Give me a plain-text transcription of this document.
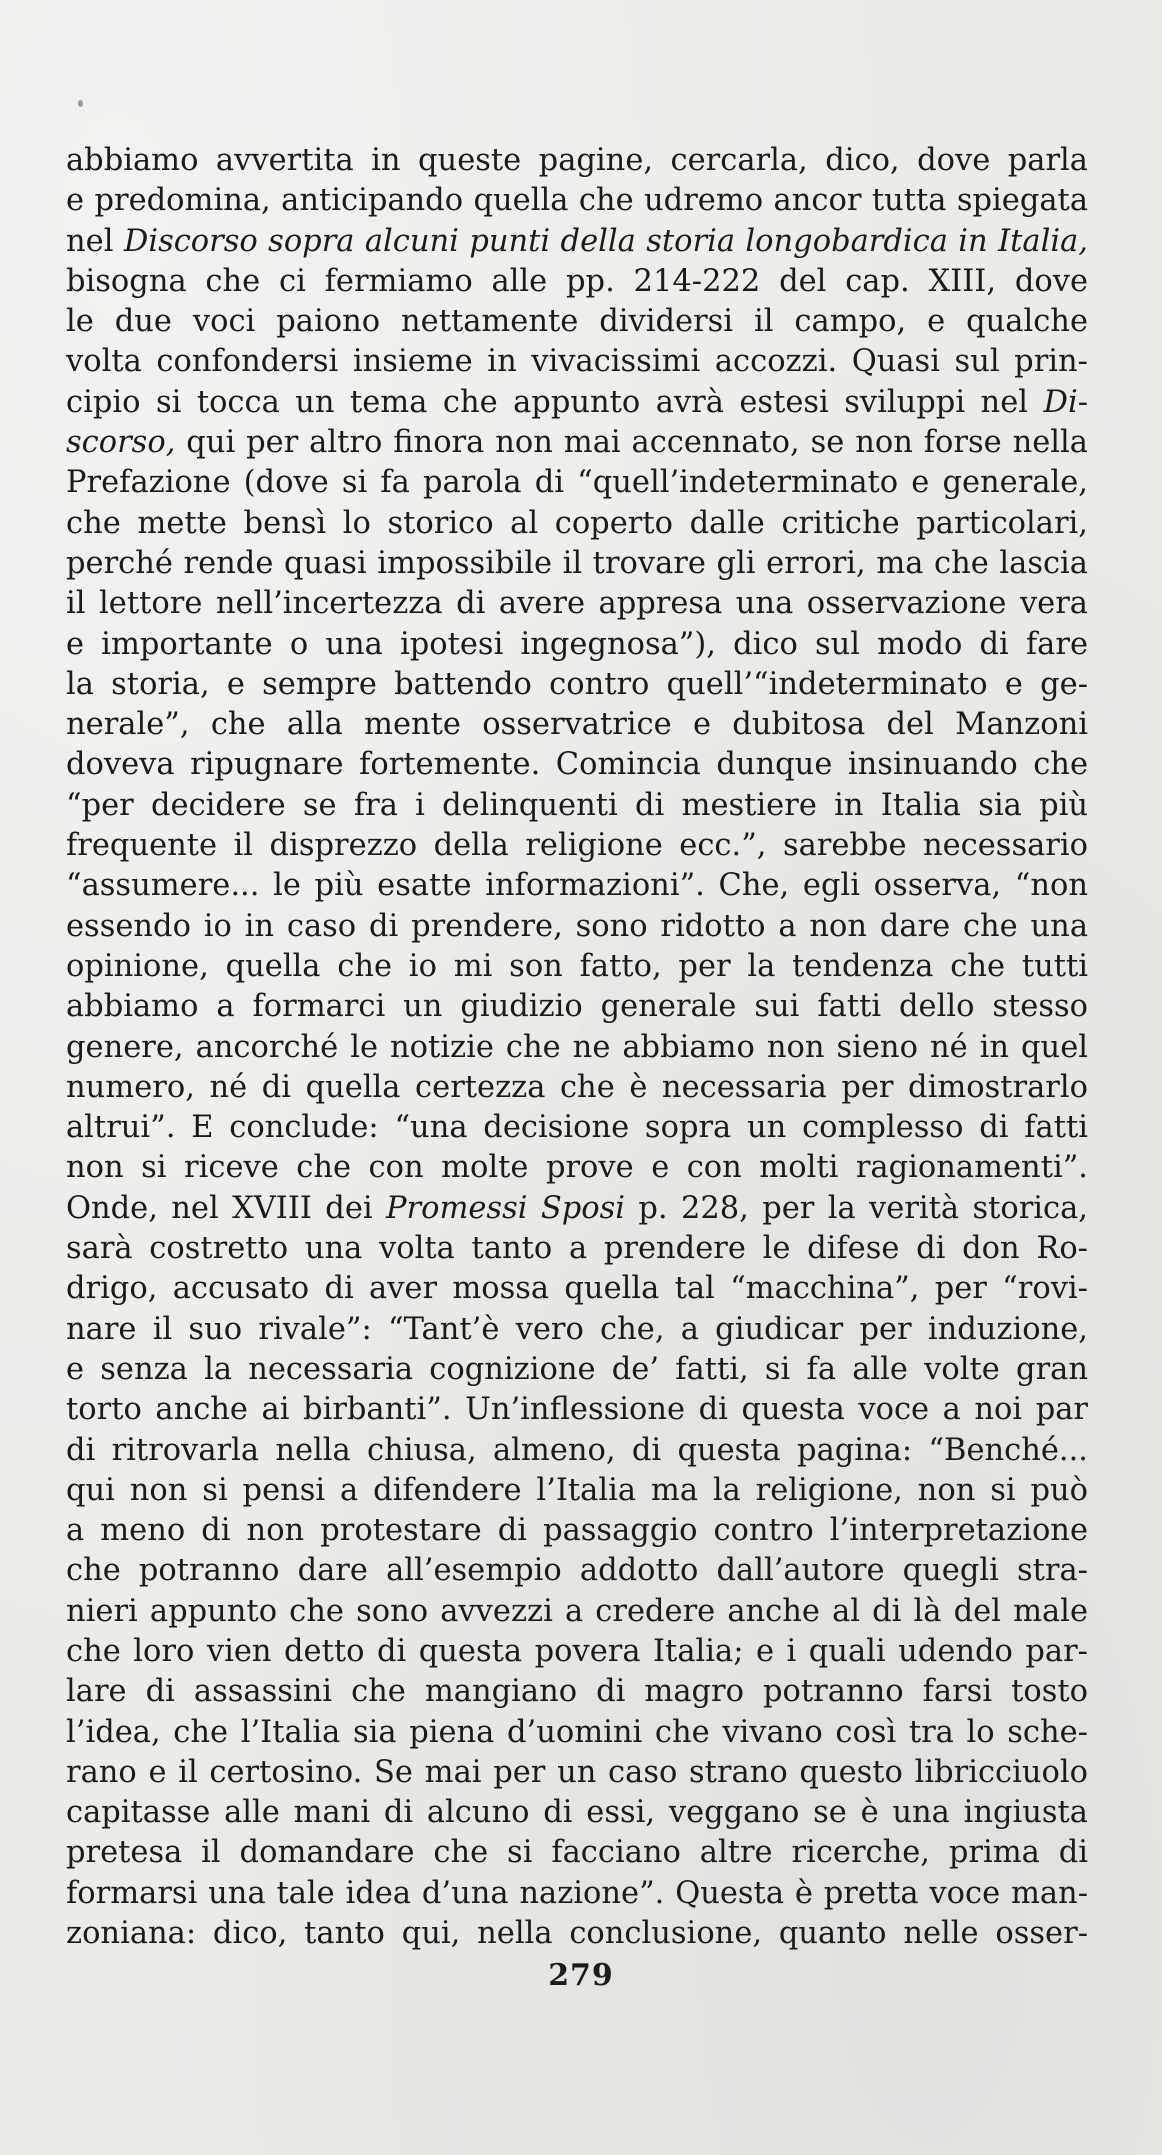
abbiamo avvertita in queste pagine, cercarla, dico, dove parla
e predomina, anticipando quella che udremo ancor tutta spiegata
nel Discorso sopra alcuni punti della storia longobardica in Italia,
bisogna che ci fermiamo alle pp. 214-222 del cap. XIII, dove
le due voci paiono nettamente dividersi il campo, e qualche
volta confondersi insieme in vivacissimi accozzi. Quasi sul prin-
cipio si tocca un tema che appunto avrà estesi sviluppi nel Di-
scorso, qui per altro finora non mai accennato, se non forse nella
Prefazione (dove si fa parola di “quell’indeterminato e generale,
che mette bensì lo storico al coperto dalle critiche particolari,
perché rende quasi impossibile il trovare gli errori, ma che lascia
il lettore nell’incertezza di avere appresa una osservazione vera
e importante o una ipotesi ingegnosa”), dico sul modo di fare
la storia, e sempre battendo contro quell’“indeterminato e ge-
nerale”, che alla mente osservatrice e dubitosa del Manzoni
doveva ripugnare fortemente. Comincia dunque insinuando che
“per decidere se fra i delinquenti di mestiere in Italia sia più
frequente il disprezzo della religione ecc.”, sarebbe necessario
“assumere... le più esatte informazioni”. Che, egli osserva, “non
essendo io in caso di prendere, sono ridotto a non dare che una
opinione, quella che io mi son fatto, per la tendenza che tutti
abbiamo a formarci un giudizio generale sui fatti dello stesso
genere, ancorché le notizie che ne abbiamo non sieno né in quel
numero, né di quella certezza che è necessaria per dimostrarlo
altrui”. E conclude: “una decisione sopra un complesso di fatti
non si riceve che con molte prove e con molti ragionamenti”.
Onde, nel XVIII dei Promessi Sposi p. 228, per la verità storica,
sarà costretto una volta tanto a prendere le difese di don Ro-
drigo, accusato di aver mossa quella tal “macchina”, per “rovi-
nare il suo rivale”: “Tant’è vero che, a giudicar per induzione,
e senza la necessaria cognizione de’ fatti, si fa alle volte gran
torto anche ai birbanti”. Un’inflessione di questa voce a noi par
di ritrovarla nella chiusa, almeno, di questa pagina: “Benché...
qui non si pensi a difendere l’Italia ma la religione, non si può
a meno di non protestare di passaggio contro l’interpretazione
che potranno dare all’esempio addotto dall’autore quegli stra-
nieri appunto che sono avvezzi a credere anche al di là del male
che loro vien detto di questa povera Italia; e i quali udendo par-
lare di assassini che mangiano di magro potranno farsi tosto
l’idea, che l’Italia sia piena d’uomini che vivano così tra lo sche-
rano e il certosino. Se mai per un caso strano questo libricciuolo
capitasse alle mani di alcuno di essi, veggano se è una ingiusta
pretesa il domandare che si facciano altre ricerche, prima di
formarsi una tale idea d’una nazione”. Questa è pretta voce man-
zoniana: dico, tanto qui, nella conclusione, quanto nelle osser-
279
